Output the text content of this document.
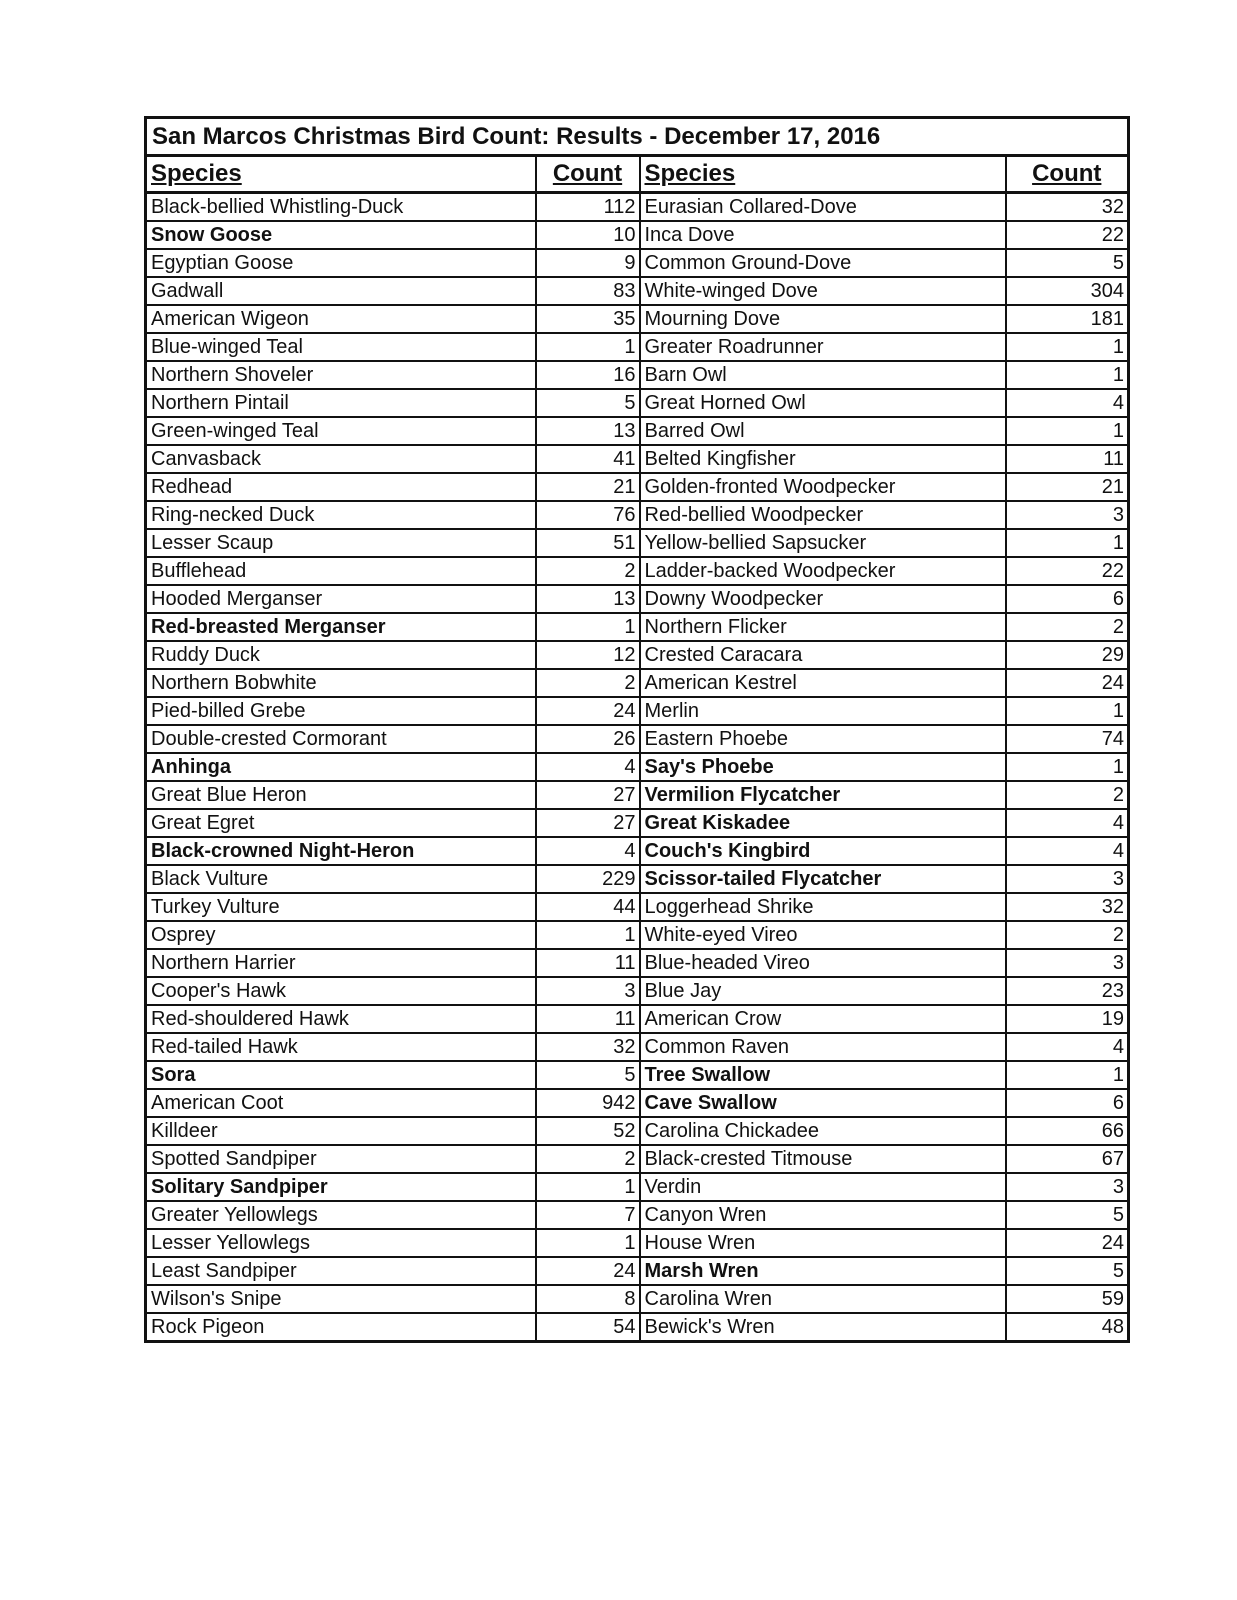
San Marcos Christmas Bird Count: Results - December 17, 2016			
Species	Count	Species	Count
Black-bellied Whistling-Duck	112	Eurasian Collared-Dove	32
Snow Goose	10	Inca Dove	22
Egyptian Goose	9	Common Ground-Dove	5
Gadwall	83	White-winged Dove	304
American Wigeon	35	Mourning Dove	181
Blue-winged Teal	1	Greater Roadrunner	1
Northern Shoveler	16	Barn Owl	1
Northern Pintail	5	Great Horned Owl	4
Green-winged Teal	13	Barred Owl	1
Canvasback	41	Belted Kingfisher	11
Redhead	21	Golden-fronted Woodpecker	21
Ring-necked Duck	76	Red-bellied Woodpecker	3
Lesser Scaup	51	Yellow-bellied Sapsucker	1
Bufflehead	2	Ladder-backed Woodpecker	22
Hooded Merganser	13	Downy Woodpecker	6
Red-breasted Merganser	1	Northern Flicker	2
Ruddy Duck	12	Crested Caracara	29
Northern Bobwhite	2	American Kestrel	24
Pied-billed Grebe	24	Merlin	1
Double-crested Cormorant	26	Eastern Phoebe	74
Anhinga	4	Say's Phoebe	1
Great Blue Heron	27	Vermilion Flycatcher	2
Great Egret	27	Great Kiskadee	4
Black-crowned Night-Heron	4	Couch's Kingbird	4
Black Vulture	229	Scissor-tailed Flycatcher	3
Turkey Vulture	44	Loggerhead Shrike	32
Osprey	1	White-eyed Vireo	2
Northern Harrier	11	Blue-headed Vireo	3
Cooper's Hawk	3	Blue Jay	23
Red-shouldered Hawk	11	American Crow	19
Red-tailed Hawk	32	Common Raven	4
Sora	5	Tree Swallow	1
American Coot	942	Cave Swallow	6
Killdeer	52	Carolina Chickadee	66
Spotted Sandpiper	2	Black-crested Titmouse	67
Solitary Sandpiper	1	Verdin	3
Greater Yellowlegs	7	Canyon Wren	5
Lesser Yellowlegs	1	House Wren	24
Least Sandpiper	24	Marsh Wren	5
Wilson's Snipe	8	Carolina Wren	59
Rock Pigeon	54	Bewick's Wren	48
